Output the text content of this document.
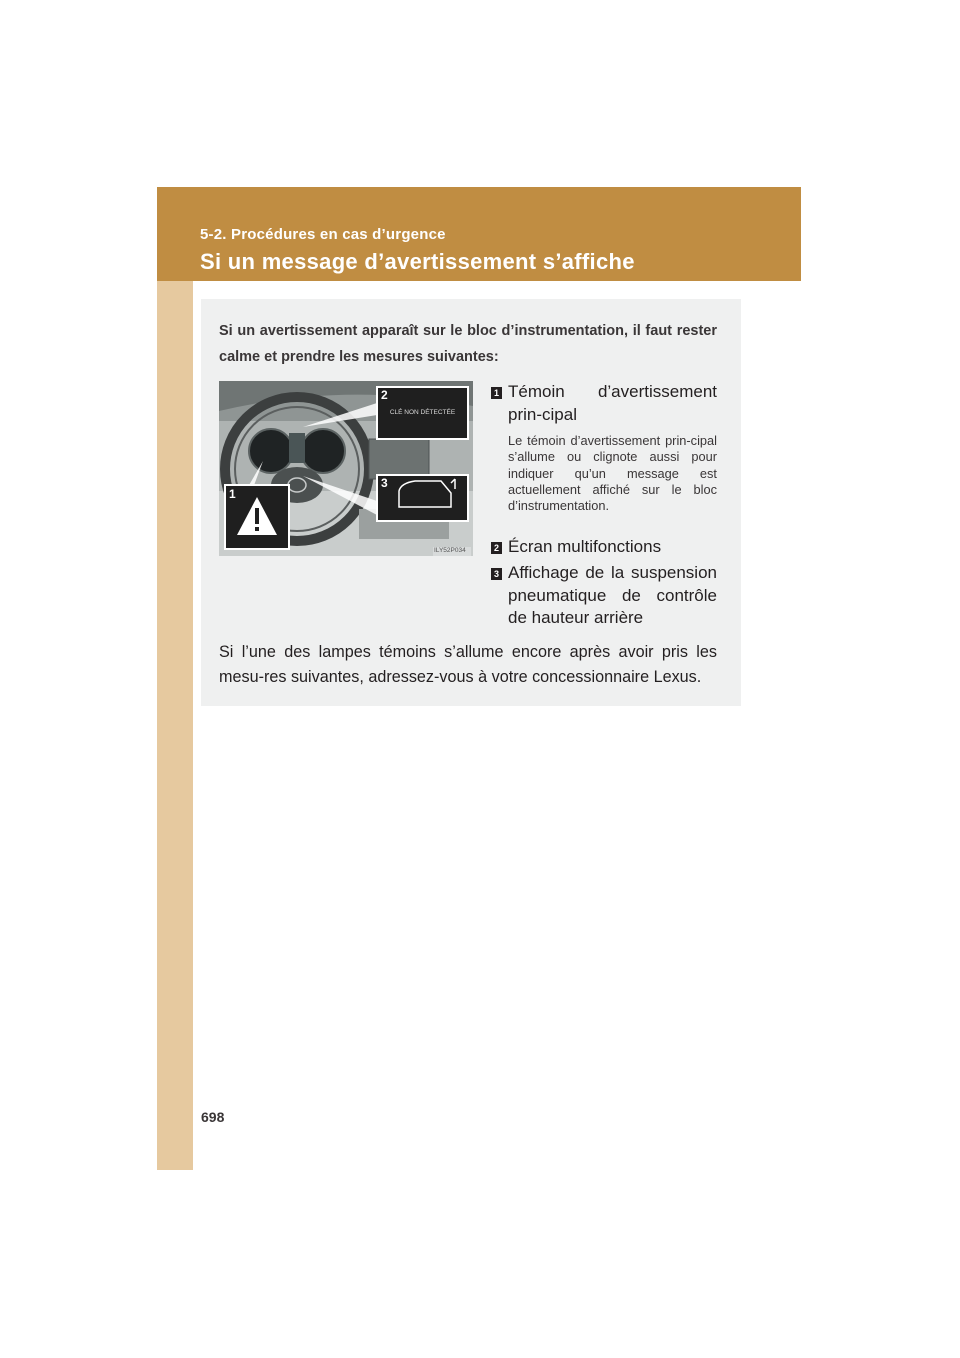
5-2. Procédures en cas d’urgence
Si un message d’avertissement s’affiche
Si un avertissement apparaît sur le bloc d’instrumentation, il faut rester calme et prendre les mesures suivantes:
2
CLÉ NON DÉTECTÉE
3
1
ILY52P034
1 Témoin d’avertissement prin-cipal
Le témoin d’avertissement prin-cipal s’allume ou clignote aussi pour indiquer qu’un message est actuellement affiché sur le bloc d’instrumentation.
2 Écran multifonctions
3 Affichage de la suspension pneumatique de contrôle de hauteur arrière
Si l’une des lampes témoins s’allume encore après avoir pris les mesu-res suivantes, adressez-vous à votre concessionnaire Lexus.
698
